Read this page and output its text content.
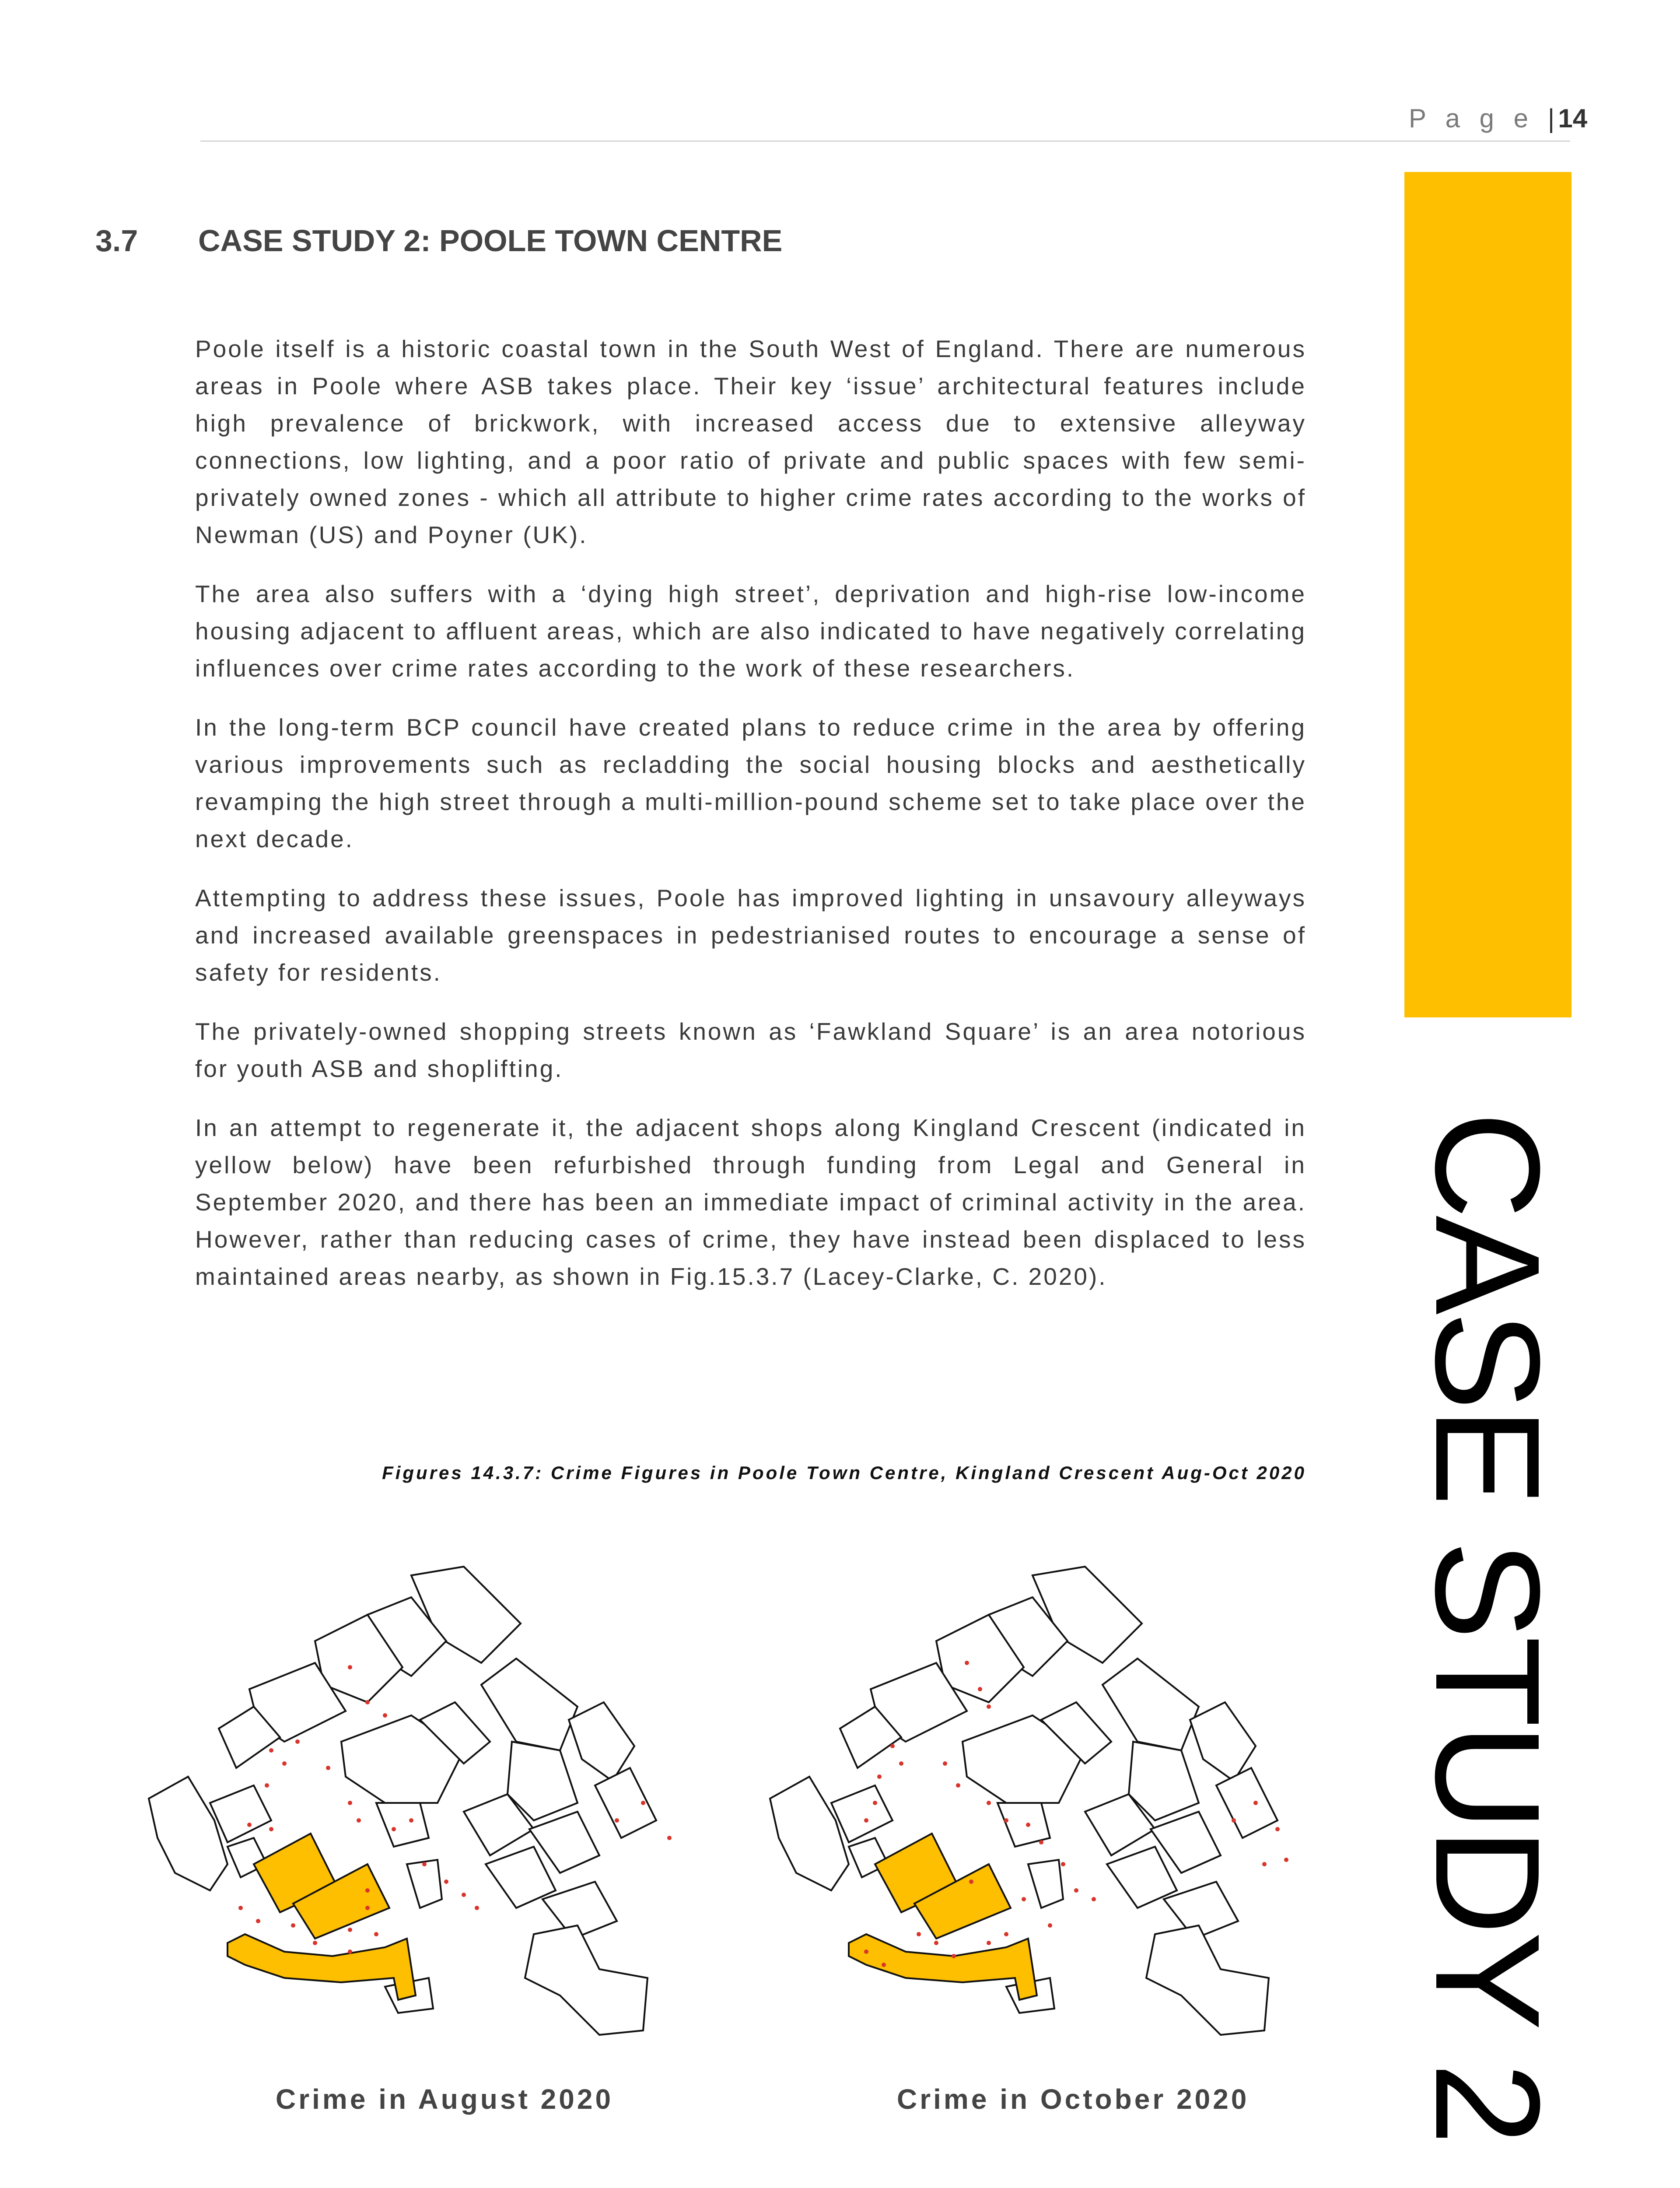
P a g e | 14
CASE STUDY 2
3.7 CASE STUDY 2: POOLE TOWN CENTRE

Poole itself is a historic coastal town in the South West of England. There are numerous areas in Poole where ASB takes place. Their key ‘issue’ architectural features include high prevalence of brickwork, with increased access due to extensive alleyway connections, low lighting, and a poor ratio of private and public spaces with few semi-privately owned zones - which all attribute to higher crime rates according to the works of Newman (US) and Poyner (UK).

The area also suffers with a ‘dying high street’, deprivation and high-rise low-income housing adjacent to affluent areas, which are also indicated to have negatively correlating influences over crime rates according to the work of these researchers.

In the long-term BCP council have created plans to reduce crime in the area by offering various improvements such as recladding the social housing blocks and aesthetically revamping the high street through a multi-million-pound scheme set to take place over the next decade.

Attempting to address these issues, Poole has improved lighting in unsavoury alleyways and increased available greenspaces in pedestrianised routes to encourage a sense of safety for residents.

The privately-owned shopping streets known as ‘Fawkland Square’ is an area notorious for youth ASB and shoplifting.

In an attempt to regenerate it, the adjacent shops along Kingland Crescent (indicated in yellow below) have been refurbished through funding from Legal and General in September 2020, and there has been an immediate impact of criminal activity in the area. However, rather than reducing cases of crime, they have instead been displaced to less maintained areas nearby, as shown in Fig.15.3.7 (Lacey-Clarke, C. 2020).

Figures 14.3.7: Crime Figures in Poole Town Centre, Kingland Crescent Aug-Oct 2020
Crime in August 2020	Crime in October 2020
